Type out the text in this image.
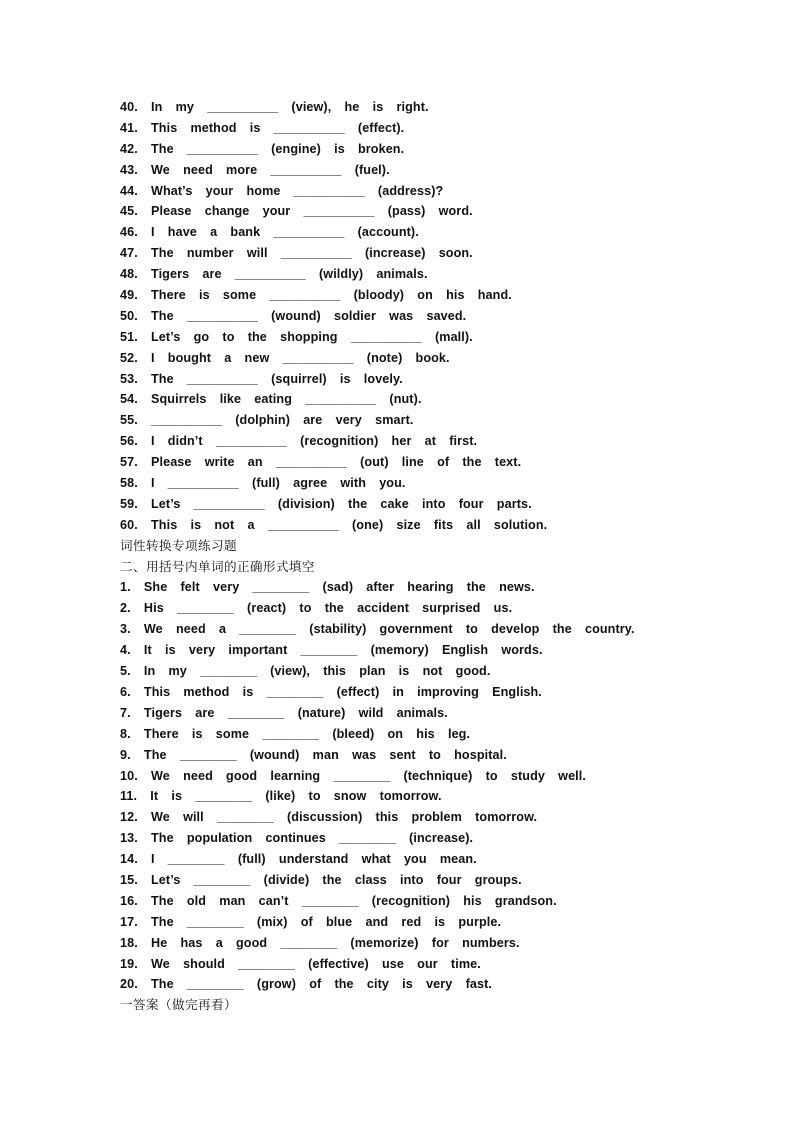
40.  In  my  __________  (view),  he  is  right.
41.  This  method  is  __________  (effect).
42.  The  __________  (engine)  is  broken.
43.  We  need  more  __________  (fuel).
44.  What’s  your  home  __________  (address)?
45.  Please  change  your  __________  (pass)  word.
46.  I  have  a  bank  __________  (account).
47.  The  number  will  __________  (increase)  soon.
48.  Tigers  are  __________  (wildly)  animals.
49.  There  is  some  __________  (bloody)  on  his  hand.
50.  The  __________  (wound)  soldier  was  saved.
51.  Let’s  go  to  the  shopping  __________  (mall).
52.  I  bought  a  new  __________  (note)  book.
53.  The  __________  (squirrel)  is  lovely.
54.  Squirrels  like  eating  __________  (nut).
55.  __________  (dolphin)  are  very  smart.
56.  I  didn’t  __________  (recognition)  her  at  first.
57.  Please  write  an  __________  (out)  line  of  the  text.
58.  I  __________  (full)  agree  with  you.
59.  Let’s  __________  (division)  the  cake  into  four  parts.
60.  This  is  not  a  __________  (one)  size  fits  all  solution.
词性转换专项练习题
二、用括号内单词的正确形式填空
1.  She  felt  very  ________  (sad)  after  hearing  the  news.
2.  His  ________  (react)  to  the  accident  surprised  us.
3.  We  need  a  ________  (stability)  government  to  develop  the  country.
4.  It  is  very  important  ________  (memory)  English  words.
5.  In  my  ________  (view),  this  plan  is  not  good.
6.  This  method  is  ________  (effect)  in  improving  English.
7.  Tigers  are  ________  (nature)  wild  animals.
8.  There  is  some  ________  (bleed)  on  his  leg.
9.  The  ________  (wound)  man  was  sent  to  hospital.
10.  We  need  good  learning  ________  (technique)  to  study  well.
11.  It  is  ________  (like)  to  snow  tomorrow.
12.  We  will  ________  (discussion)  this  problem  tomorrow.
13.  The  population  continues  ________  (increase).
14.  I  ________  (full)  understand  what  you  mean.
15.  Let’s  ________  (divide)  the  class  into  four  groups.
16.  The  old  man  can’t  ________  (recognition)  his  grandson.
17.  The  ________  (mix)  of  blue  and  red  is  purple.
18.  He  has  a  good  ________  (memorize)  for  numbers.
19.  We  should  ________  (effective)  use  our  time.
20.  The  ________  (grow)  of  the  city  is  very  fast.
一答案（做完再看）
